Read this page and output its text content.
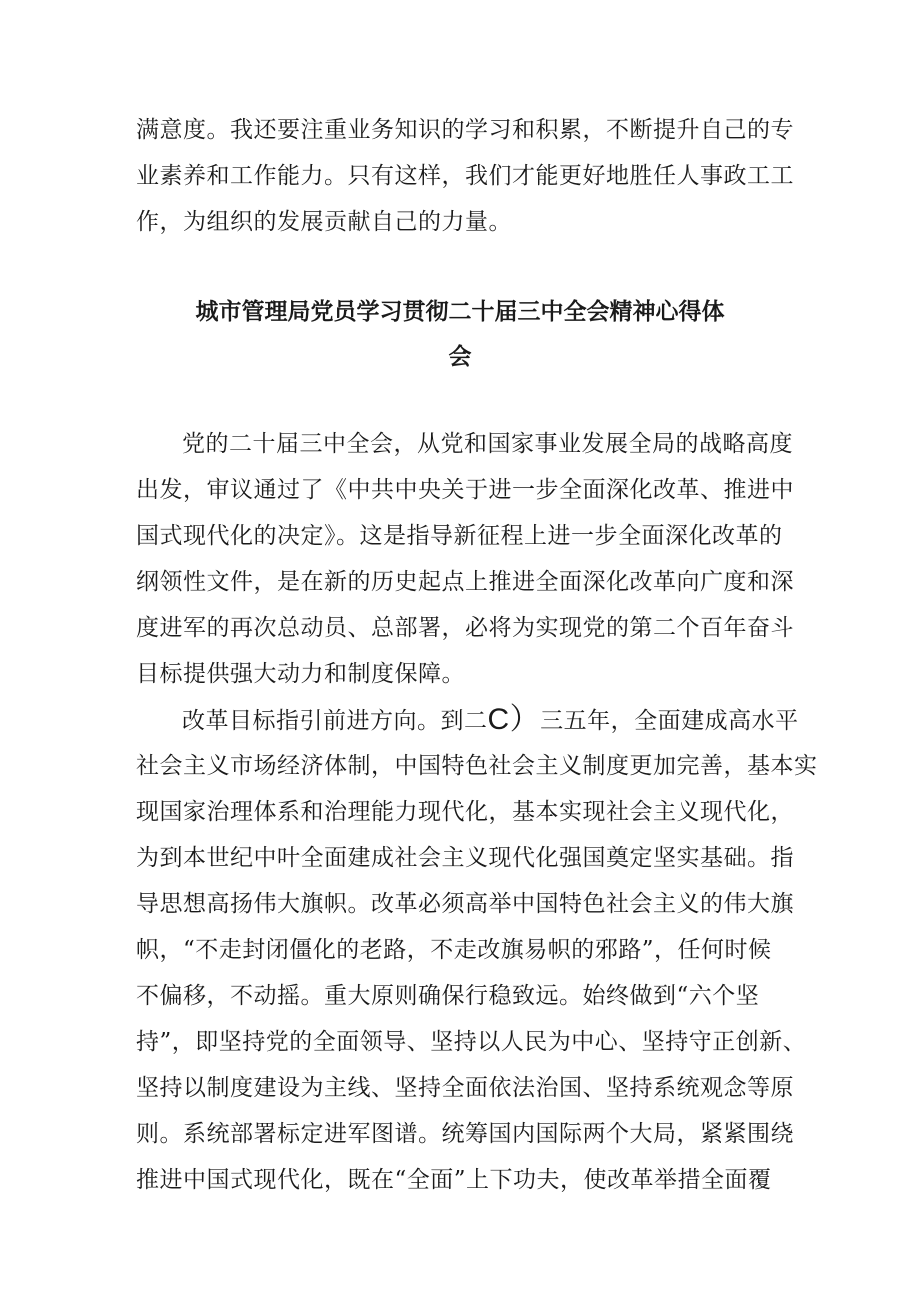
满意度。我还要注重业务知识的学习和积累，不断提升自己的专
业素养和工作能力。只有这样，我们才能更好地胜任人事政工工
作，为组织的发展贡献自己的力量。
城市管理局党员学习贯彻二十届三中全会精神心得体
会
党的二十届三中全会，从党和国家事业发展全局的战略高度
出发，审议通过了《中共中央关于进一步全面深化改革、推进中
国式现代化的决定》。这是指导新征程上进一步全面深化改革的
纲领性文件，是在新的历史起点上推进全面深化改革向广度和深
度进军的再次总动员、总部署，必将为实现党的第二个百年奋斗
目标提供强大动力和制度保障。
改革目标指引前进方向。到二C）三五年，全面建成高水平
社会主义市场经济体制，中国特色社会主义制度更加完善，基本实
现国家治理体系和治理能力现代化，基本实现社会主义现代化，
为到本世纪中叶全面建成社会主义现代化强国奠定坚实基础。指
导思想高扬伟大旗帜。改革必须高举中国特色社会主义的伟大旗
帜，“不走封闭僵化的老路，不走改旗易帜的邪路”，任何时候
不偏移，不动摇。重大原则确保行稳致远。始终做到“六个坚
持”，即坚持党的全面领导、坚持以人民为中心、坚持守正创新、
坚持以制度建设为主线、坚持全面依法治国、坚持系统观念等原
则。系统部署标定进军图谱。统筹国内国际两个大局，紧紧围绕
推进中国式现代化，既在“全面”上下功夫，使改革举措全面覆
